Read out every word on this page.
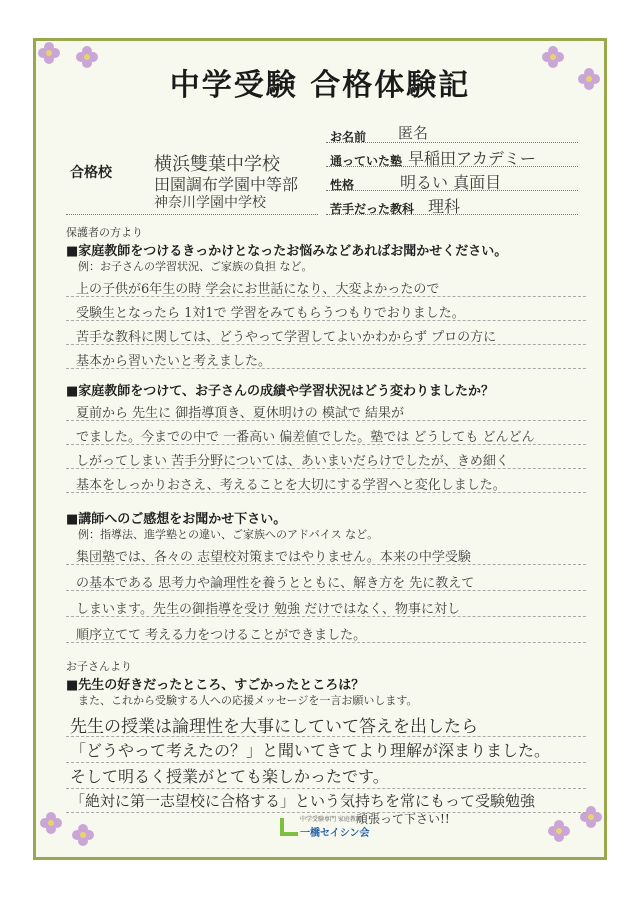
中学受験 合格体験記
お名前 匿名
通っていた塾 早稲田アカデミー
性格	明るい 真面目
苦手だった教科 理科
合格校 横浜雙葉中学校
田園調布学園中等部
神奈川学園中学校
保護者の方より
■家庭教師をつけるきっかけとなったお悩みなどあればお聞かせください。
例：お子さんの学習状況、ご家族の負担 など。
上の子供が6年生の時 学会にお世話になり、大変よかったので
受験生となったら 1対1で 学習をみてもらうつもりでおりました。
苦手な教科に関しては、どうやって学習してよいかわからず プロの方に
基本から習いたいと考えました。
■家庭教師をつけて、お子さんの成績や学習状況はどう変わりましたか？
夏前から 先生に 御指導頂き、夏休明けの 模試で 結果が
でました。今までの中で 一番高い 偏差値でした。塾では どうしても どんどん
しがってしまい 苦手分野については、あいまいだらけでしたが、きめ細く
基本をしっかりおさえ、考えることを大切にする学習へと変化しました。
■講師へのご感想をお聞かせ下さい。
例：指導法、進学塾との違い、ご家族へのアドバイス など。
集団塾では、各々の 志望校対策まではやりません。本来の中学受験
の基本である 思考力や論理性を養うとともに、解き方を 先に教えて
しまいます。先生の御指導を受け 勉強 だけではなく、物事に対し
順序立てて 考える力をつけることができました。
お子さんより
■先生の好きだったところ、すごかったところは？
また、これから受験する人への応援メッセージを一言お願いします。
先生の授業は論理性を大事にしていて答えを出したら
「どうやって考えたの？」と聞いてきてより理解が深まりました。
そして明るく授業がとても楽しかったです。
「絶対に第一志望校に合格する」という気持ちを常にもって受験勉強
頑張って下さい!!
中学受験専門 家庭教師
一橋セイシン会
